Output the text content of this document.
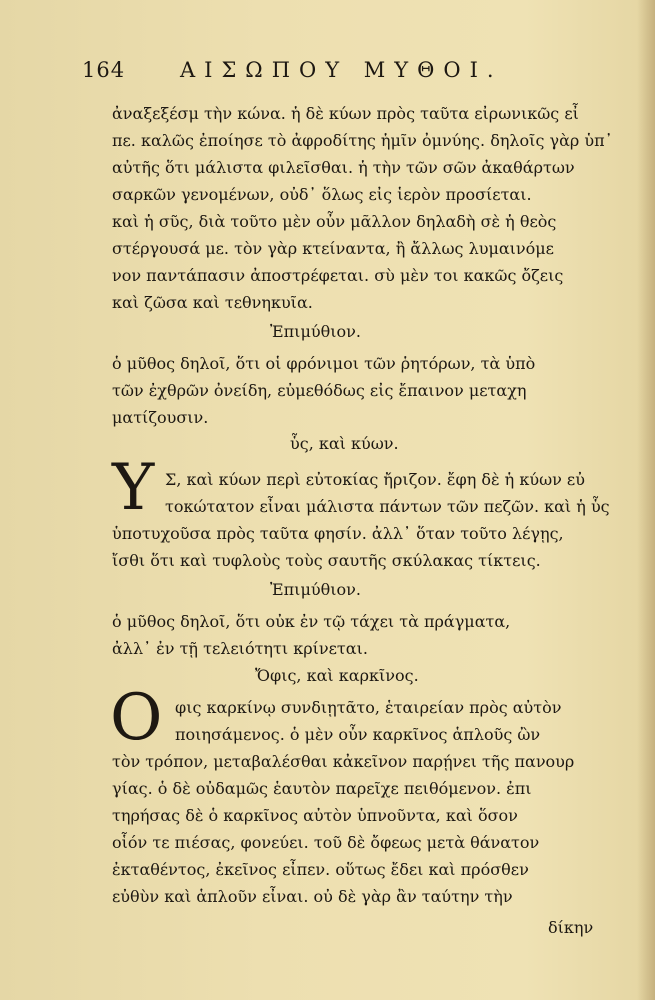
164	ΑΙΣΩΠΟΥ ΜΥΘΟΙ.
ἀναξεξέσμ τὴν κώνα. ἡ δὲ κύων πρὸς ταῦτα εἰρωνικῶς εἶ
πε. καλῶς ἐποίησε τὸ ἀφροδίτης ἡμῖν ὀμνύης. δηλοῖς γὰρ ὑπ᾽
αὐτῆς ὅτι μάλιστα φιλεῖσθαι. ἡ τὴν τῶν σῶν ἀκαθάρτων
σαρκῶν γενομένων, οὐδ᾽ ὅλως εἰς ἱερὸν προσίεται.
καὶ ἡ σῦς, διὰ τοῦτο μὲν οὖν μᾶλλον δηλαδὴ σὲ ἡ θεὸς
στέργουσά με. τὸν γὰρ κτείναντα, ἢ ἄλλως λυμαινόμε
νον παντάπασιν ἀποστρέφεται. σὺ μὲν τοι κακῶς ὄζεις
καὶ ζῶσα καὶ τεθνηκυῖα.
Ἐπιμύθιον.
ὁ μῦθος δηλοῖ, ὅτι οἱ φρόνιμοι τῶν ῥητόρων, τὰ ὑπὸ
τῶν ἐχθρῶν ὀνείδη, εὐμεθόδως εἰς ἔπαινον μεταχη
ματίζουσιν.
ὗς, καὶ κύων.
Υ Σ, καὶ κύων περὶ εὐτοκίας ἤριζον. ἔφη δὲ ἡ κύων εὐ
τοκώτατον εἶναι μάλιστα πάντων τῶν πεζῶν. καὶ ἡ ὗς
ὑποτυχοῦσα πρὸς ταῦτα φησίν. ἀλλ᾽ ὅταν τοῦτο λέγῃς,
ἴσθι ὅτι καὶ τυφλοὺς τοὺς σαυτῆς σκύλακας τίκτεις.
Ἐπιμύθιον.
ὁ μῦθος δηλοῖ, ὅτι οὐκ ἐν τῷ τάχει τὰ πράγματα,
ἀλλ᾽ ἐν τῇ τελειότητι κρίνεται.
Ὄφις, καὶ καρκῖνος.
O φις καρκίνῳ συνδιῃτᾶτο, ἑταιρείαν πρὸς αὐτὸν
ποιησάμενος. ὁ μὲν οὖν καρκῖνος ἁπλοῦς ὢν
τὸν τρόπον, μεταβαλέσθαι κἀκεῖνον παρῄνει τῆς πανουρ
γίας. ὁ δὲ οὐδαμῶς ἑαυτὸν παρεῖχε πειθόμενον. ἐπι
τηρήσας δὲ ὁ καρκῖνος αὐτὸν ὑπνοῦντα, καὶ ὅσον
οἷόν τε πιέσας, φονεύει. τοῦ δὲ ὄφεως μετὰ θάνατον
ἐκταθέντος, ἐκεῖνος εἶπεν. οὕτως ἔδει καὶ πρόσθεν
εὐθὺν καὶ ἁπλοῦν εἶναι. οὐ δὲ γὰρ ἂν ταύτην τὴν
δίκην
